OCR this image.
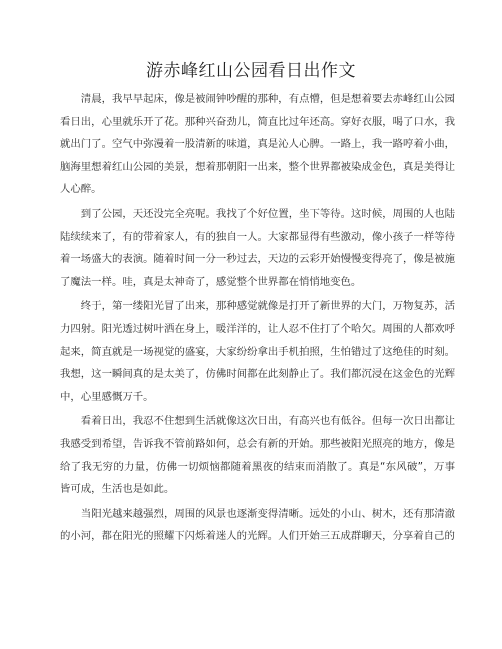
游赤峰红山公园看日出作文

清晨，我早早起床，像是被闹钟吵醒的那种，有点懵，但是想着要去赤峰红山公园看日出，心里就乐开了花。那种兴奋劲儿，简直比过年还高。穿好衣服，喝了口水，我就出门了。空气中弥漫着一股清新的味道，真是沁人心脾。一路上，我一路哼着小曲，脑海里想着红山公园的美景，想着那朝阳一出来，整个世界都被染成金色，真是美得让人心醉。

到了公园，天还没完全亮呢。我找了个好位置，坐下等待。这时候，周围的人也陆陆续续来了，有的带着家人，有的独自一人。大家都显得有些激动，像小孩子一样等待着一场盛大的表演。随着时间一分一秒过去，天边的云彩开始慢慢变得亮了，像是被施了魔法一样。哇，真是太神奇了，感觉整个世界都在悄悄地变色。

终于，第一缕阳光冒了出来，那种感觉就像是打开了新世界的大门，万物复苏，活力四射。阳光透过树叶洒在身上，暖洋洋的，让人忍不住打了个哈欠。周围的人都欢呼起来，简直就是一场视觉的盛宴，大家纷纷拿出手机拍照，生怕错过了这绝佳的时刻。我想，这一瞬间真的是太美了，仿佛时间都在此刻静止了。我们都沉浸在这金色的光辉中，心里感慨万千。

看着日出，我忍不住想到生活就像这次日出，有高兴也有低谷。但每一次日出都让我感受到希望，告诉我不管前路如何，总会有新的开始。那些被阳光照亮的地方，像是给了我无穷的力量，仿佛一切烦恼都随着黑夜的结束而消散了。真是“东风破”，万事皆可成，生活也是如此。

当阳光越来越强烈，周围的风景也逐渐变得清晰。远处的小山、树木，还有那清澈的小河，都在阳光的照耀下闪烁着迷人的光辉。人们开始三五成群聊天，分享着自己的
